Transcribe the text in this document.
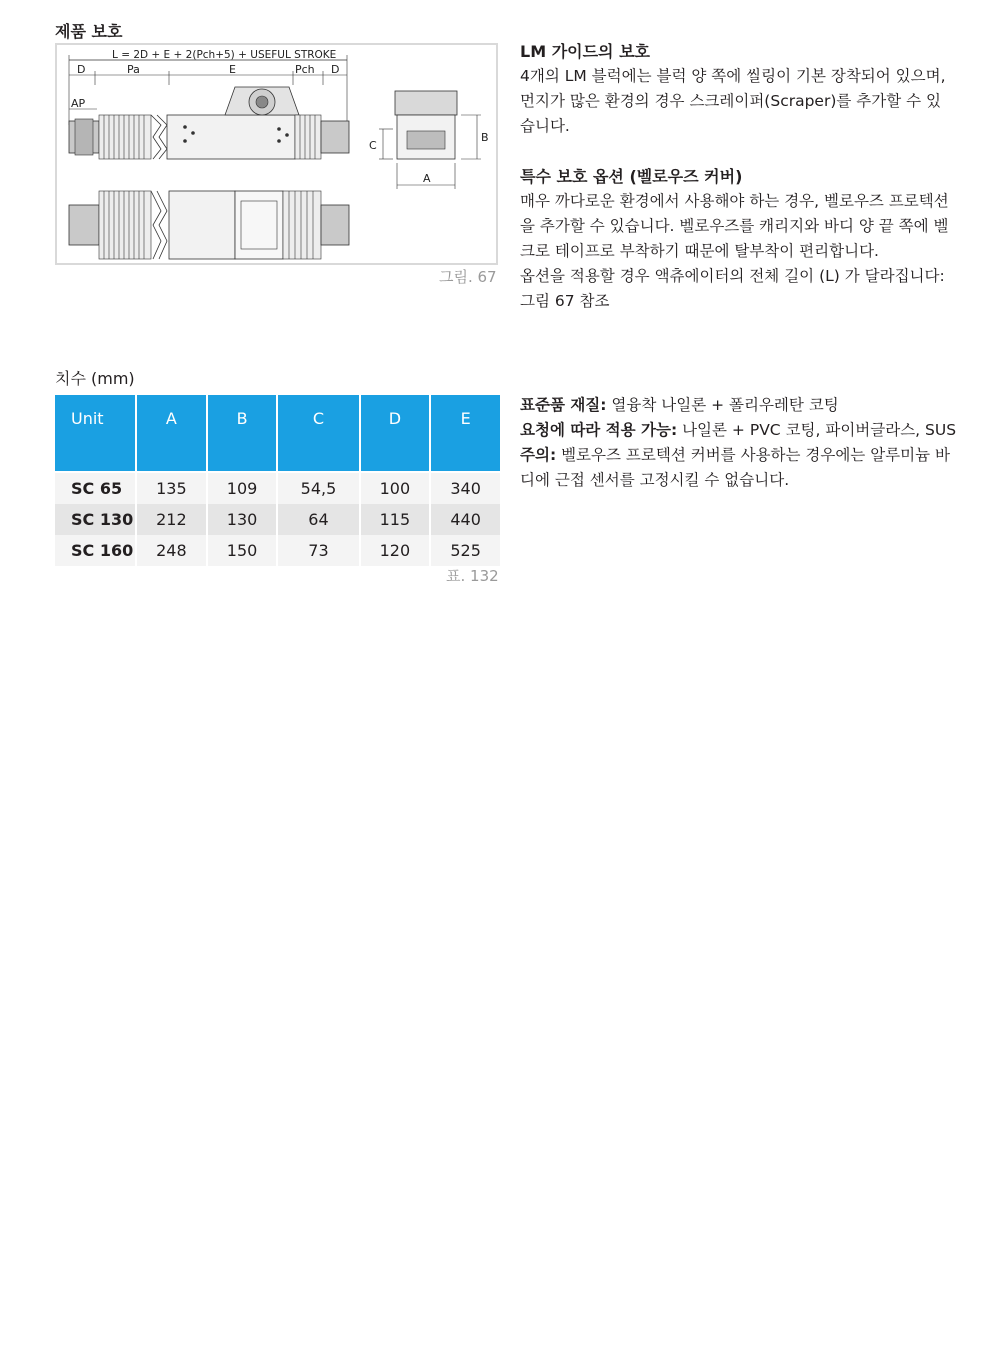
제품 보호
L = 2D + E + 2(Pch+5) + USEFUL STROKE
D	Pa	E	Pch D
AP
B
C
A
그림. 67

LM 가이드의 보호

4개의 LM 블럭에는 블럭 양 쪽에 씰링이 기본 장착되어 있으며,

먼지가 많은 환경의 경우 스크레이퍼(Scraper)를 추가할 수 있

습니다.

특수 보호 옵션 (벨로우즈 커버)

매우 까다로운 환경에서 사용해야 하는 경우, 벨로우즈 프로텍션

을 추가할 수 있습니다. 벨로우즈를 캐리지와 바디 양 끝 쪽에 벨

크로 테이프로 부착하기 때문에 탈부착이 편리합니다.

옵션을 적용할 경우 액츄에이터의 전체 길이 (L) 가 달라집니다:

그림 67 참조

치수 (mm)
Unit	A	B	C	D	E

SC 65	135	109	54,5	100	340
SC 130	212	130	64	115	440
SC 160	248	150	73	120	525
표. 132

표준품 재질: 열융착 나일론 + 폴리우레탄 코팅

요청에 따라 적용 가능: 나일론 + PVC 코팅, 파이버글라스, SUS

주의: 벨로우즈 프로텍션 커버를 사용하는 경우에는 알루미늄 바

디에 근접 센서를 고정시킬 수 없습니다.
